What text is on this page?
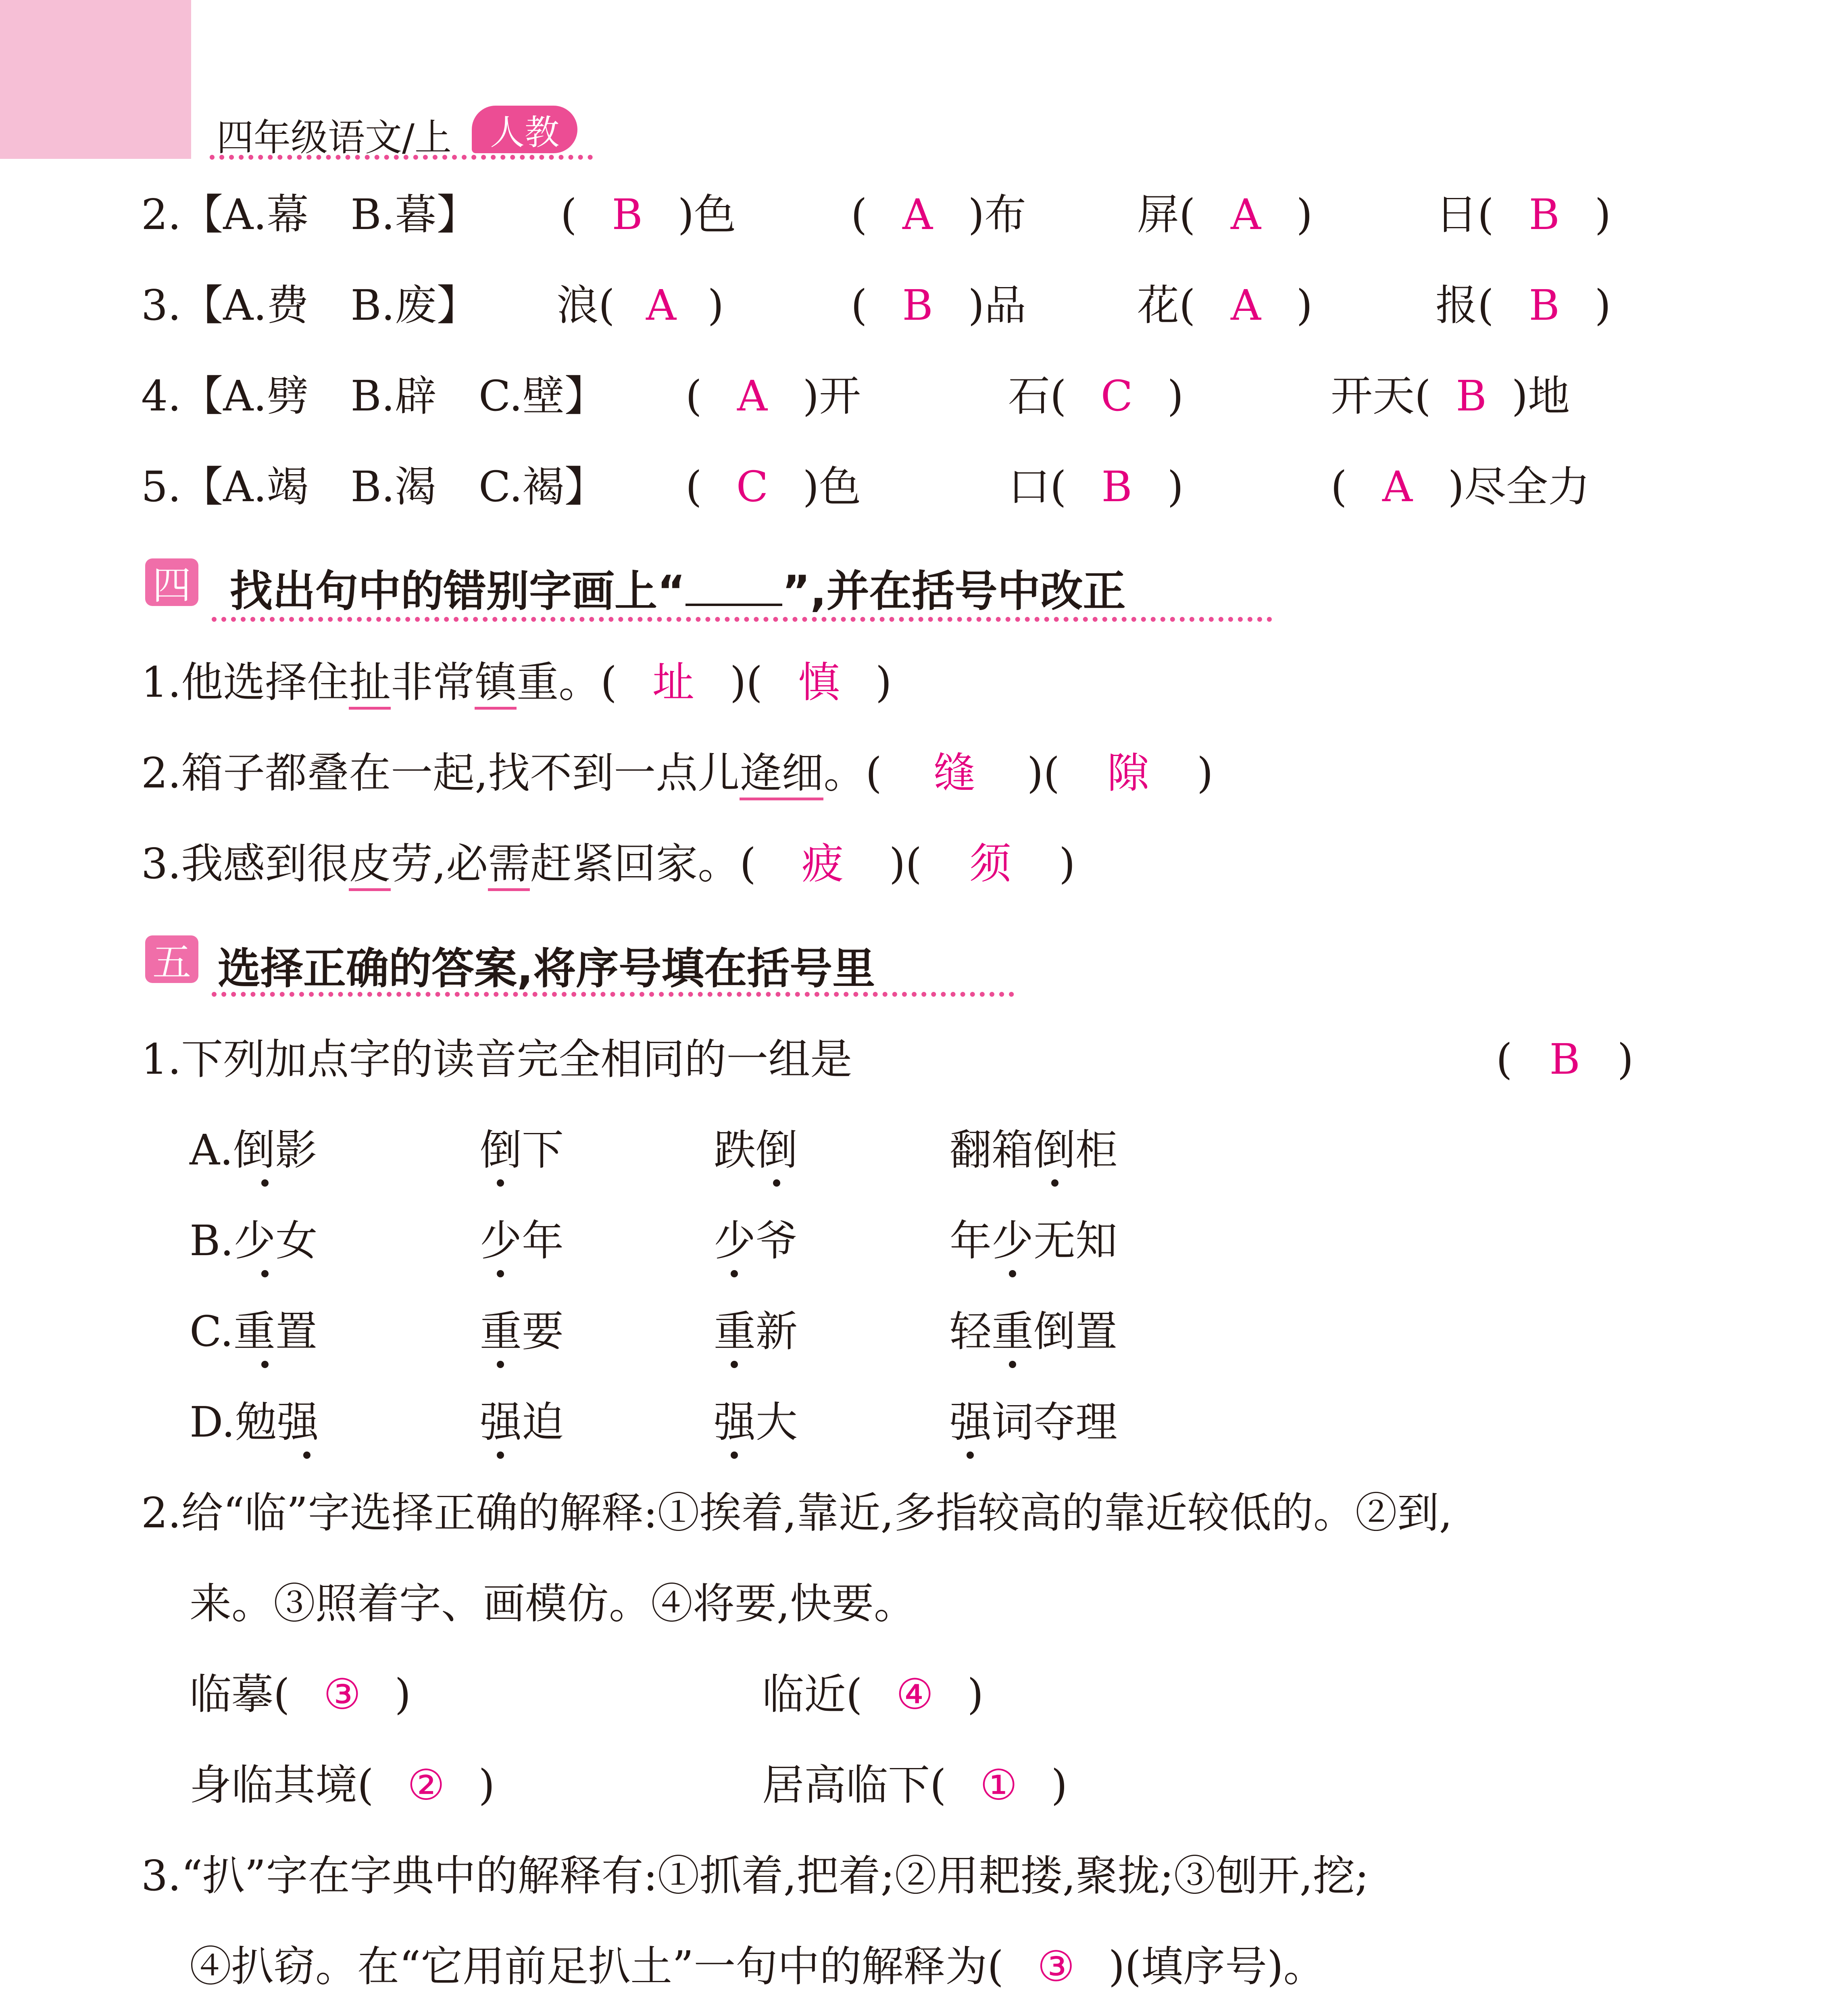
四年级语文/上	人教
2.【A.幕　B.暮】 ( B )色	( A )布	屏( A )	日( B )
3.【A.费　B.废】 浪( A )	( B )品	花( A )	报( B )
4.【A.劈　B.辟　C.壁】 ( A )开	石( C )	开天( B )地
5.【A.竭　B.渴　C.褐】 ( C )色	口( B )	( A )尽全力
四 找出句中的错别字画上“ ”,并在括号中改正
1.他选择住扯非常镇重。( 址 )( 慎 )
2.箱子都叠在一起,找不到一点儿逄细。( 缝 )( 隙 )
3.我感到很皮劳,必需赶紧回家。( 疲 )( 须 )
五 选择正确的答案,将序号填在括号里
1.下列加点字的读音完全相同的一组是	( B )
A.倒影	倒下	跌倒	翻箱倒柜
B.少女	少年	少爷	年少无知
C.重置	重要	重新	轻重倒置
D.勉强	强迫	强大	强词夺理
2.给“临”字选择正确的解释:①挨着,靠近,多指较高的靠近较低的。②到,
来。③照着字、画模仿。④将要,快要。
临摹( ③ )	临近( ④ )
身临其境( ② )	居高临下( ① )
3.“扒”字在字典中的解释有:①抓着,把着;②用耙搂,聚拢;③刨开,挖;
④扒窃。在“它用前足扒土”一句中的解释为( ③ )(填序号)。
